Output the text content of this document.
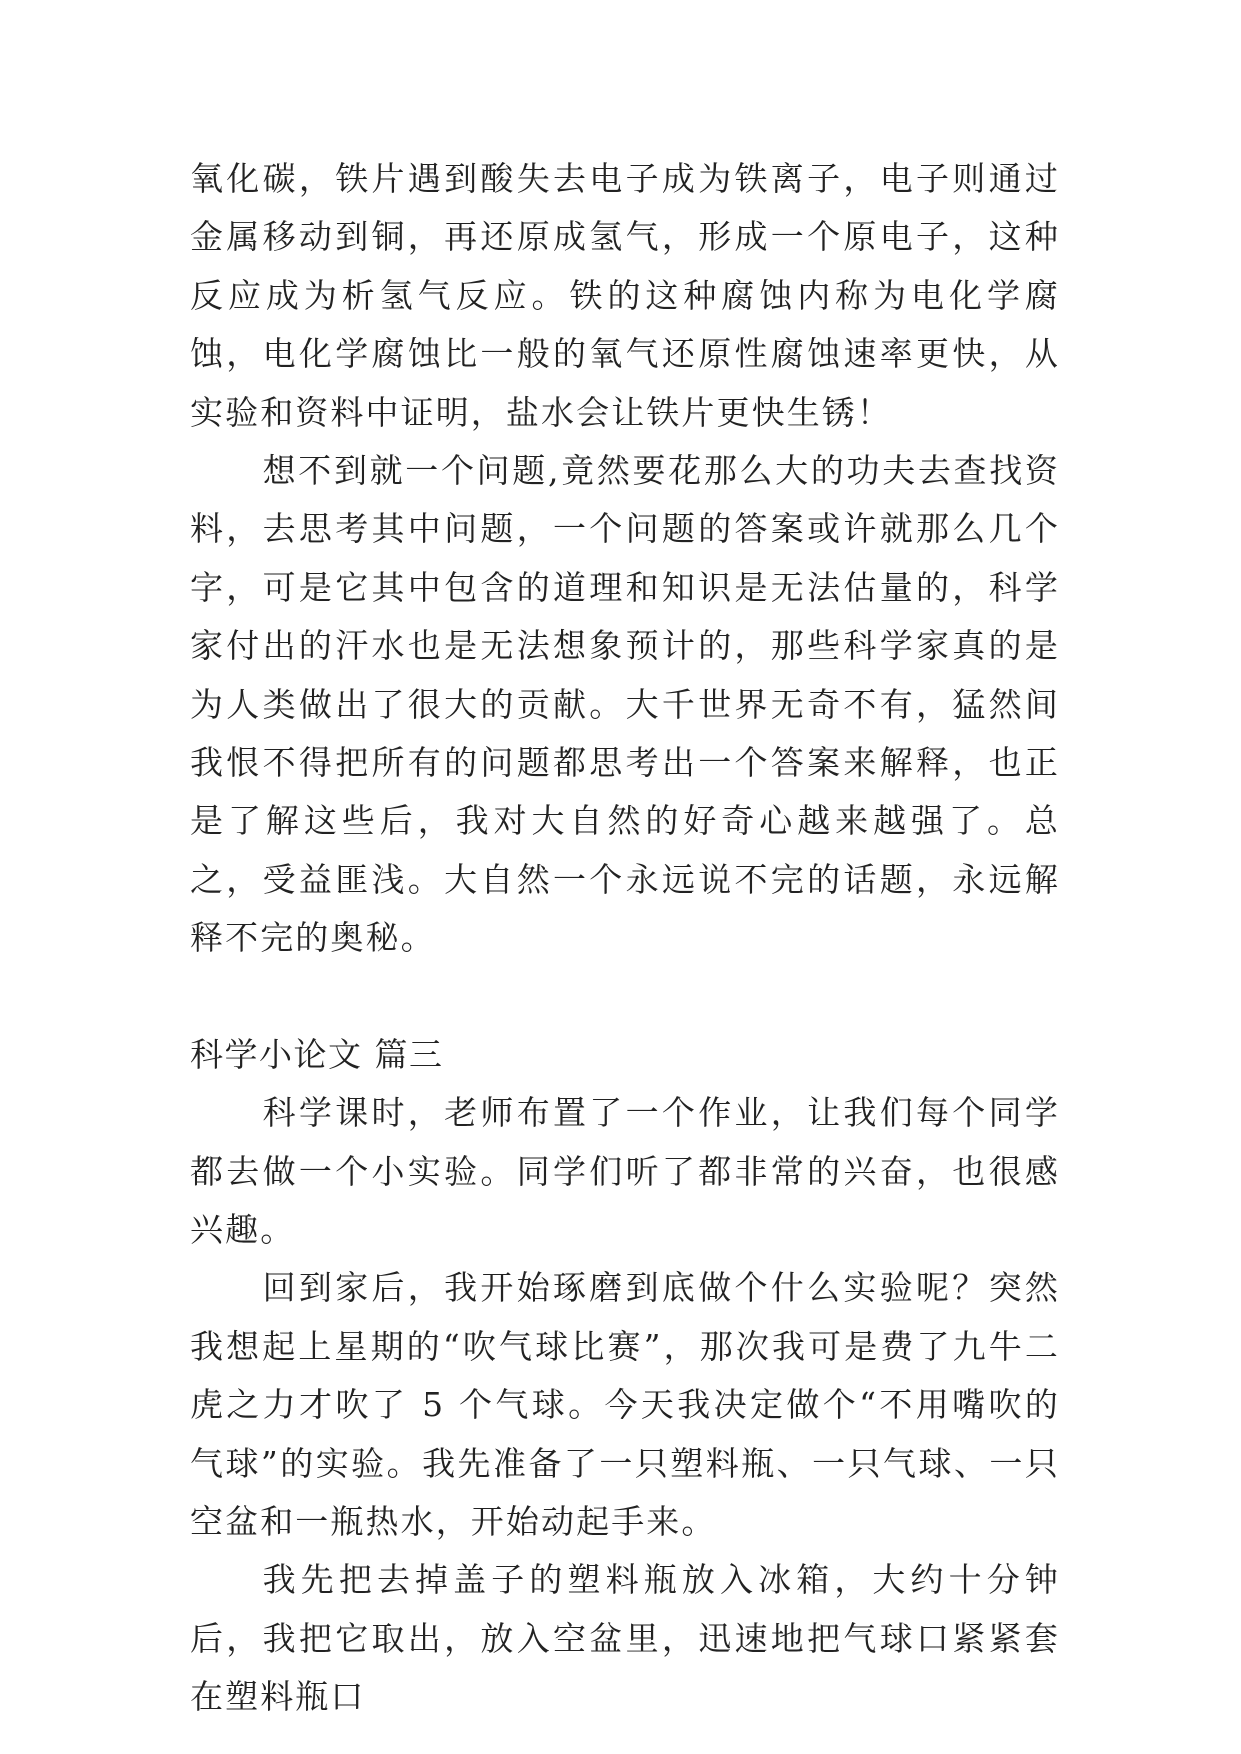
氧化碳，铁片遇到酸失去电子成为铁离子，电子则通过金属移动到铜，再还原成氢气，形成一个原电子，这种反应成为析氢气反应。铁的这种腐蚀内称为电化学腐蚀，电化学腐蚀比一般的氧气还原性腐蚀速率更快，从实验和资料中证明，盐水会让铁片更快生锈！

想不到就一个问题,竟然要花那么大的功夫去查找资料，去思考其中问题，一个问题的答案或许就那么几个字，可是它其中包含的道理和知识是无法估量的，科学家付出的汗水也是无法想象预计的，那些科学家真的是为人类做出了很大的贡献。大千世界无奇不有，猛然间我恨不得把所有的问题都思考出一个答案来解释，也正是了解这些后，我对大自然的好奇心越来越强了。总之，受益匪浅。大自然一个永远说不完的话题，永远解释不完的奥秘。

科学小论文 篇三

科学课时，老师布置了一个作业，让我们每个同学都去做一个小实验。同学们听了都非常的兴奋，也很感兴趣。

回到家后，我开始琢磨到底做个什么实验呢？突然我想起上星期的“吹气球比赛”，那次我可是费了九牛二虎之力才吹了 5 个气球。今天我决定做个“不用嘴吹的气球”的实验。我先准备了一只塑料瓶、一只气球、一只空盆和一瓶热水，开始动起手来。

我先把去掉盖子的塑料瓶放入冰箱，大约十分钟后，我把它取出，放入空盆里，迅速地把气球口紧紧套在塑料瓶口
